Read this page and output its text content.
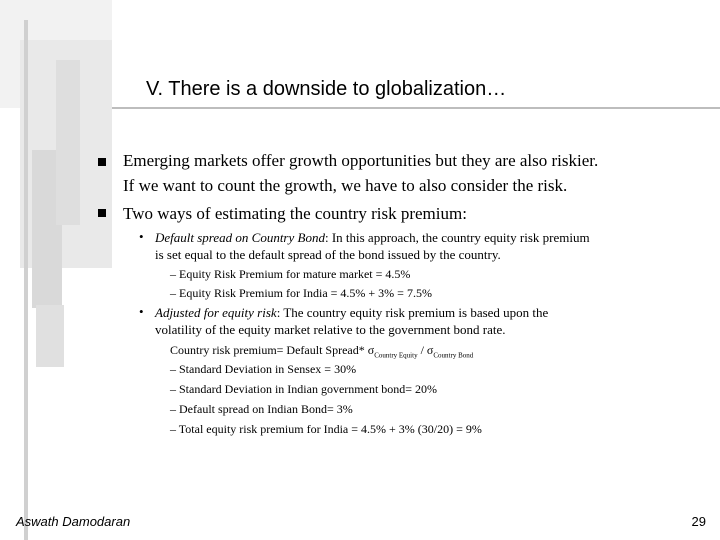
V. There is a downside to globalization…
Emerging markets offer growth opportunities but they are also riskier.
If we want to count the growth, we have to also consider the risk.
Two ways of estimating the country risk premium:
• Default spread on Country Bond: In this approach, the country equity risk premium
is set equal to the default spread of the bond issued by the country.
– Equity Risk Premium for mature market = 4.5%
– Equity Risk Premium for India = 4.5% + 3% = 7.5%
• Adjusted for equity risk: The country equity risk premium is based upon the
volatility of the equity market relative to the government bond rate.
Country risk premium= Default Spread* $\sigma_{Country Equity} / \sigma_{Country Bond}$
– Standard Deviation in Sensex = 30%
– Standard Deviation in Indian government bond= 20%
– Default spread on Indian Bond= 3%
– Total equity risk premium for India = 4.5% + 3% (30/20) = 9%
Aswath Damodaran	29
